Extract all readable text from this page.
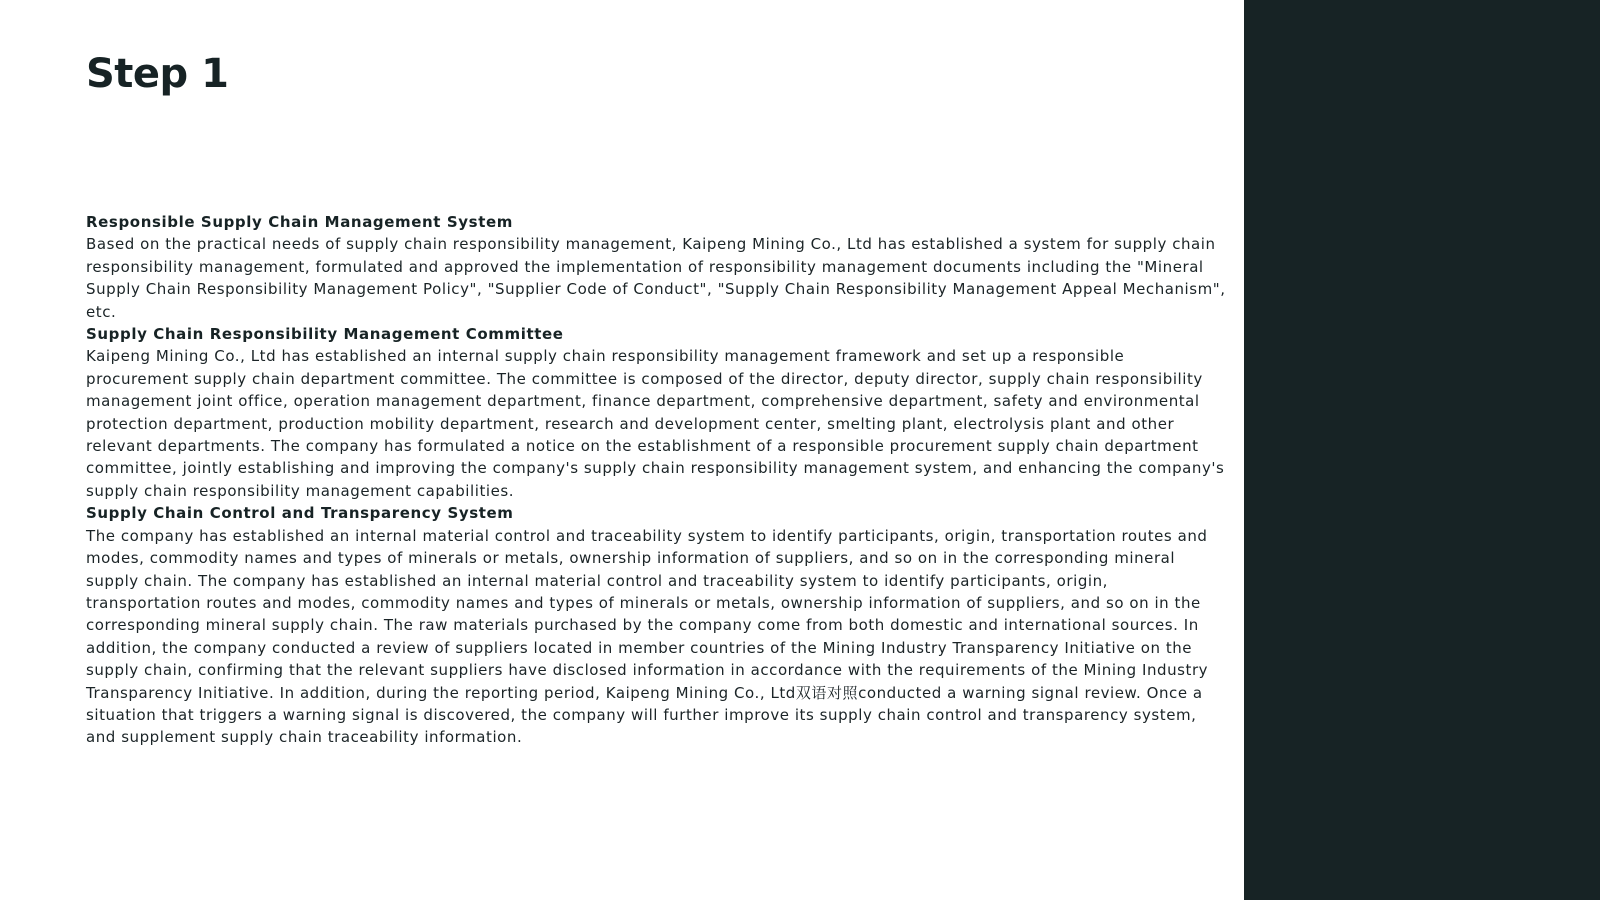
Step 1

Responsible Supply Chain Management System

Based on the practical needs of supply chain responsibility management, Kaipeng Mining Co., Ltd has established a system for supply chain responsibility management, formulated and approved the implementation of responsibility management documents including the "Mineral Supply Chain Responsibility Management Policy", "Supplier Code of Conduct", "Supply Chain Responsibility Management Appeal Mechanism", etc.

Supply Chain Responsibility Management Committee

Kaipeng Mining Co., Ltd has established an internal supply chain responsibility management framework and set up a responsible procurement supply chain department committee. The committee is composed of the director, deputy director, supply chain responsibility management joint office, operation management department, finance department, comprehensive department, safety and environmental protection department, production mobility department, research and development center, smelting plant, electrolysis plant and other relevant departments. The company has formulated a notice on the establishment of a responsible procurement supply chain department committee, jointly establishing and improving the company's supply chain responsibility management system, and enhancing the company's supply chain responsibility management capabilities.

Supply Chain Control and Transparency System

The company has established an internal material control and traceability system to identify participants, origin, transportation routes and modes, commodity names and types of minerals or metals, ownership information of suppliers, and so on in the corresponding mineral supply chain. The company has established an internal material control and traceability system to identify participants, origin, transportation routes and modes, commodity names and types of minerals or metals, ownership information of suppliers, and so on in the corresponding mineral supply chain. The raw materials purchased by the company come from both domestic and international sources. In addition, the company conducted a review of suppliers located in member countries of the Mining Industry Transparency Initiative on the supply chain, confirming that the relevant suppliers have disclosed information in accordance with the requirements of the Mining Industry Transparency Initiative. In addition, during the reporting period, Kaipeng Mining Co., Ltd双语对照conducted a warning signal review. Once a situation that triggers a warning signal is discovered, the company will further improve its supply chain control and transparency system, and supplement supply chain traceability information.
